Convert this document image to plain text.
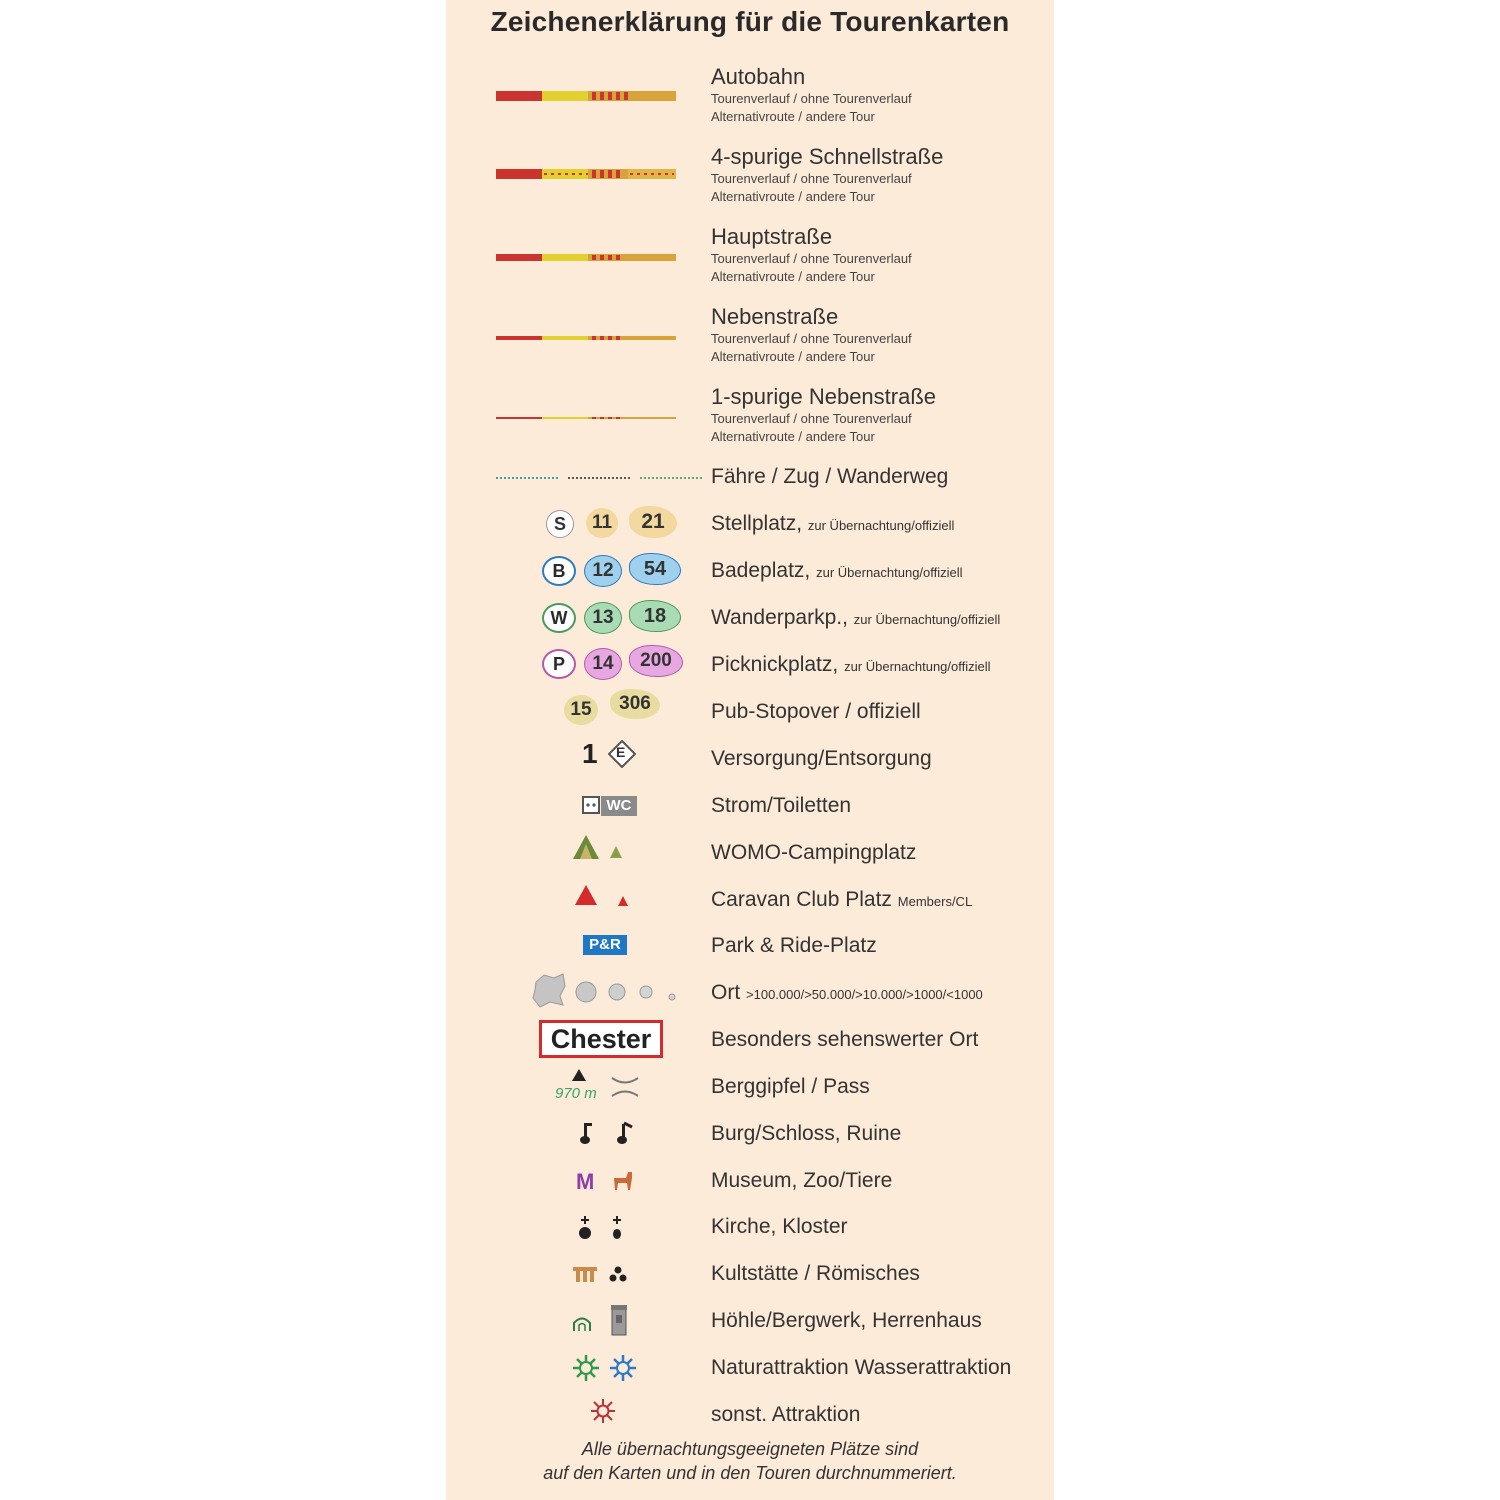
Zeichenerklärung für die Tourenkarten
Autobahn
Tourenverlauf / ohne Tourenverlauf
Alternativroute / andere Tour
4-spurige Schnellstraße
Tourenverlauf / ohne Tourenverlauf
Alternativroute / andere Tour
Hauptstraße
Tourenverlauf / ohne Tourenverlauf
Alternativroute / andere Tour
Nebenstraße
Tourenverlauf / ohne Tourenverlauf
Alternativroute / andere Tour
1-spurige Nebenstraße
Tourenverlauf / ohne Tourenverlauf
Alternativroute / andere Tour
Fähre / Zug / Wanderweg
S	11	21	Stellplatz, zur Übernachtung/offiziell
B	12	54	Badeplatz, zur Übernachtung/offiziell
W	13	18	Wanderparkp., zur Übernachtung/offiziell
P	14	200	Picknickplatz, zur Übernachtung/offiziell
15	306	Pub-Stopover / offiziell
1 E	Versorgung/Entsorgung
WC	Strom/Toiletten
WOMO-Campingplatz
Caravan Club Platz Members/CL
P&R	Park & Ride-Platz
Ort >100.000/>50.000/>10.000/>1000/<1000
Chester	Besonders sehenswerter Ort
970 m	Berggipfel / Pass
Burg/Schloss, Ruine
M	Museum, Zoo/Tiere
Kirche, Kloster
Kultstätte / Römisches
Höhle/Bergwerk, Herrenhaus
Naturattraktion Wasserattraktion
sonst. Attraktion
Alle übernachtungsgeeigneten Plätze sind
auf den Karten und in den Touren durchnummeriert.
